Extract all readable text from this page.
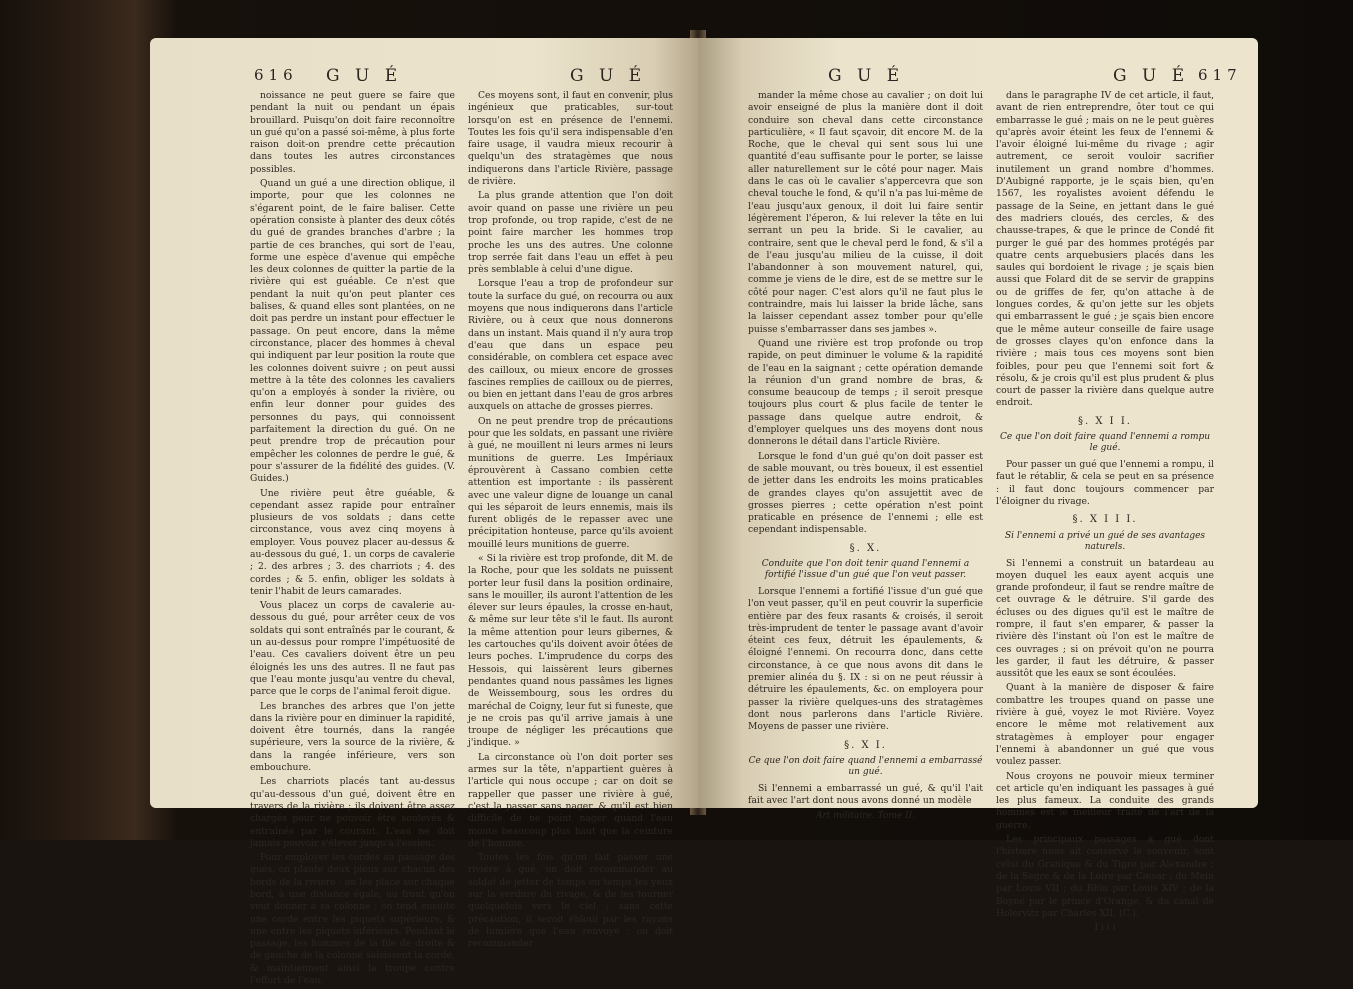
616 G U É	G U É

noissance ne peut guere se faire que pendant la nuit ou pendant un épais brouillard. Puisqu'on doit faire reconnoître un gué qu'on a passé soi-même, à plus forte raison doit-on prendre cette précaution dans toutes les autres circonstances possibles.

Quand un gué a une direction oblique, il importe, pour que les colonnes ne s'égarent point, de le faire baliser. Cette opération consiste à planter des deux côtés du gué de grandes branches d'arbre ; la partie de ces branches, qui sort de l'eau, forme une espèce d'avenue qui empêche les deux colonnes de quitter la partie de la rivière qui est guéable. Ce n'est que pendant la nuit qu'on peut planter ces balises, & quand elles sont plantées, on ne doit pas perdre un instant pour effectuer le passage. On peut encore, dans la même circonstance, placer des hommes à cheval qui indiquent par leur position la route que les colonnes doivent suivre ; on peut aussi mettre à la tête des colonnes les cavaliers qu'on a employés à sonder la rivière, ou enfin leur donner pour guides des personnes du pays, qui connoissent parfaitement la direction du gué. On ne peut prendre trop de précaution pour empêcher les colonnes de perdre le gué, & pour s'assurer de la fidélité des guides. (V. Guides.)

Une rivière peut être guéable, & cependant assez rapide pour entraîner plusieurs de vos soldats ; dans cette circonstance, vous avez cinq moyens à employer. Vous pouvez placer au-dessus & au-dessous du gué, 1. un corps de cavalerie ; 2. des arbres ; 3. des charriots ; 4. des cordes ; & 5. enfin, obliger les soldats à tenir l'habit de leurs camarades.

Vous placez un corps de cavalerie au-dessous du gué, pour arrêter ceux de vos soldats qui sont entraînés par le courant, & un au-dessus pour rompre l'impétuosité de l'eau. Ces cavaliers doivent être un peu éloignés les uns des autres. Il ne faut pas que l'eau monte jusqu'au ventre du cheval, parce que le corps de l'animal feroit digue.

Les branches des arbres que l'on jette dans la rivière pour en diminuer la rapidité, doivent être tournés, dans la rangée supérieure, vers la source de la rivière, & dans la rangée inférieure, vers son embouchure.

Les charriots placés tant au-dessus qu'au-dessous d'un gué, doivent être en travers de la rivière ; ils doivent être assez chargés pour ne pouvoir être soulevés & entraînés par le courant. L'eau ne doit jamais pouvoir s'élever jusqu'à l'essieu.

Pour employer les cordes au passage des gués, on plante deux pieux sur chacun des bords de la rivière : on les place sur chaque bord, à une distance égale, au front qu'on veut donner à sa colonne ; on tend ensuite une corde entre les piquets supérieurs, & une entre les piquets inférieurs. Pendant le passage, les hommes de la file de droite & de gauche de la colonne saisissent la corde, & maintiennent ainsi la troupe contre l'effort de l'eau.

Ces moyens sont, il faut en convenir, plus ingénieux que praticables, sur-tout lorsqu'on est en présence de l'ennemi. Toutes les fois qu'il sera indispensable d'en faire usage, il vaudra mieux recourir à quelqu'un des stratagèmes que nous indiquerons dans l'article Rivière, passage de rivière.

La plus grande attention que l'on doit avoir quand on passe une rivière un peu trop profonde, ou trop rapide, c'est de ne point faire marcher les hommes trop proche les uns des autres. Une colonne trop serrée fait dans l'eau un effet à peu près semblable à celui d'une digue.

Lorsque l'eau a trop de profondeur sur toute la surface du gué, on recourra ou aux moyens que nous indiquerons dans l'article Rivière, ou à ceux que nous donnerons dans un instant. Mais quand il n'y aura trop d'eau que dans un espace peu considérable, on comblera cet espace avec des cailloux, ou mieux encore de grosses fascines remplies de cailloux ou de pierres, ou bien en jettant dans l'eau de gros arbres auxquels on attache de grosses pierres.

On ne peut prendre trop de précautions pour que les soldats, en passant une rivière à gué, ne mouillent ni leurs armes ni leurs munitions de guerre. Les Impériaux éprouvèrent à Cassano combien cette attention est importante : ils passèrent avec une valeur digne de louange un canal qui les séparoit de leurs ennemis, mais ils furent obligés de le repasser avec une précipitation honteuse, parce qu'ils avoient mouillé leurs munitions de guerre.

« Si la rivière est trop profonde, dit M. de la Roche, pour que les soldats ne puissent porter leur fusil dans la position ordinaire, sans le mouiller, ils auront l'attention de les élever sur leurs épaules, la crosse en-haut, & même sur leur tête s'il le faut. Ils auront la même attention pour leurs gibernes, & les cartouches qu'ils doivent avoir ôtées de leurs poches. L'imprudence du corps des Hessois, qui laissèrent leurs gibernes pendantes quand nous passâmes les lignes de Weissembourg, sous les ordres du maréchal de Coigny, leur fut si funeste, que je ne crois pas qu'il arrive jamais à une troupe de négliger les précautions que j'indique. »

La circonstance où l'on doit porter ses armes sur la tête, n'appartient guères à l'article qui nous occupe ; car on doit se rappeller que passer une rivière à gué, c'est la passer sans nager, & qu'il est bien difficile de ne point nager quand l'eau monte beaucoup plus haut que la ceinture de l'homme.

Toutes les fois qu'on fait passer une rivière à gué, on doit recommander au soldat de jetter de temps en temps les yeux sur la verdure du rivage, & de les tourner quelquefois vers le ciel ; sans cette précaution, il seroit ébloui par les rayons de lumière que l'eau renvoye : on doit recommander

G U É	G U É 617

mander la même chose au cavalier ; on doit lui avoir enseigné de plus la manière dont il doit conduire son cheval dans cette circonstance particulière, « Il faut sçavoir, dit encore M. de la Roche, que le cheval qui sent sous lui une quantité d'eau suffisante pour le porter, se laisse aller naturellement sur le côté pour nager. Mais dans le cas où le cavalier s'appercevra que son cheval touche le fond, & qu'il n'a pas lui-même de l'eau jusqu'aux genoux, il doit lui faire sentir légèrement l'éperon, & lui relever la tête en lui serrant un peu la bride. Si le cavalier, au contraire, sent que le cheval perd le fond, & s'il a de l'eau jusqu'au milieu de la cuisse, il doit l'abandonner à son mouvement naturel, qui, comme je viens de le dire, est de se mettre sur le côté pour nager. C'est alors qu'il ne faut plus le contraindre, mais lui laisser la bride lâche, sans la laisser cependant assez tomber pour qu'elle puisse s'embarrasser dans ses jambes ».

Quand une rivière est trop profonde ou trop rapide, on peut diminuer le volume & la rapidité de l'eau en la saignant ; cette opération demande la réunion d'un grand nombre de bras, & consume beaucoup de temps ; il seroit presque toujours plus court & plus facile de tenter le passage dans quelque autre endroit, & d'employer quelques uns des moyens dont nous donnerons le détail dans l'article Rivière.

Lorsque le fond d'un gué qu'on doit passer est de sable mouvant, ou très boueux, il est essentiel de jetter dans les endroits les moins praticables de grandes clayes qu'on assujettit avec de grosses pierres ; cette opération n'est point praticable en présence de l'ennemi ; elle est cependant indispensable.

§. X.
Conduite que l'on doit tenir quand l'ennemi a fortifié l'issue d'un gué que l'on veut passer.

Lorsque l'ennemi a fortifié l'issue d'un gué que l'on veut passer, qu'il en peut couvrir la superficie entière par des feux rasants & croisés, il seroit très-imprudent de tenter le passage avant d'avoir éteint ces feux, détruit les épaulements, & éloigné l'ennemi. On recourra donc, dans cette circonstance, à ce que nous avons dit dans le premier alinéa du §. IX : si on ne peut réussir à détruire les épaulements, &c. on employera pour passer la rivière quelques-uns des stratagèmes dont nous parlerons dans l'article Rivière. Moyens de passer une rivière.

§. X I.
Ce que l'on doit faire quand l'ennemi a embarrassé un gué.

Si l'ennemi a embarrassé un gué, & qu'il l'ait fait avec l'art dont nous avons donné un modèle

Art militaire. Tome II.

dans le paragraphe IV de cet article, il faut, avant de rien entreprendre, ôter tout ce qui embarrasse le gué ; mais on ne le peut guères qu'après avoir éteint les feux de l'ennemi & l'avoir éloigné lui-même du rivage ; agir autrement, ce seroit vouloir sacrifier inutilement un grand nombre d'hommes. D'Aubigné rapporte, je le sçais bien, qu'en 1567, les royalistes avoient défendu le passage de la Seine, en jettant dans le gué des madriers cloués, des cercles, & des chausse-trapes, & que le prince de Condé fit purger le gué par des hommes protégés par quatre cents arquebusiers placés dans les saules qui bordoient le rivage ; je sçais bien aussi que Folard dit de se servir de grappins ou de griffes de fer, qu'on attache à de longues cordes, & qu'on jette sur les objets qui embarrassent le gué ; je sçais bien encore que le même auteur conseille de faire usage de grosses clayes qu'on enfonce dans la rivière ; mais tous ces moyens sont bien foibles, pour peu que l'ennemi soit fort & résolu, & je crois qu'il est plus prudent & plus court de passer la rivière dans quelque autre endroit.

§. X I I.
Ce que l'on doit faire quand l'ennemi a rompu le gué.

Pour passer un gué que l'ennemi a rompu, il faut le rétablir, & cela se peut en sa présence : il faut donc toujours commencer par l'éloigner du rivage.

§. X I I I.
Si l'ennemi a privé un gué de ses avantages naturels.

Si l'ennemi a construit un batardeau au moyen duquel les eaux ayent acquis une grande profondeur, il faut se rendre maître de cet ouvrage & le détruire. S'il garde des écluses ou des digues qu'il est le maître de rompre, il faut s'en emparer, & passer la rivière dès l'instant où l'on est le maître de ces ouvrages ; si on prévoit qu'on ne pourra les garder, il faut les détruire, & passer aussitôt que les eaux se sont écoulées.

Quant à la manière de disposer & faire combattre les troupes quand on passe une rivière à gué, voyez le mot Rivière. Voyez encore le même mot relativement aux stratagèmes à employer pour engager l'ennemi à abandonner un gué que vous voulez passer.

Nous croyons ne pouvoir mieux terminer cet article qu'en indiquant les passages à gué les plus fameux. La conduite des grands hommes est le meilleur traité de l'art de la guerre.

Les principaux passages à gué dont l'histoire nous ait conservé le souvenir, sont celui du Granique & du Tigre par Alexandre ; de la Segre & de la Loire par Cæsar ; du Mein par Louis VII ; du Rhin par Louis XIV ; de la Boyne par le prince d'Orange, & du canal de Holervitz par Charles XII. (C.).

I i i i
